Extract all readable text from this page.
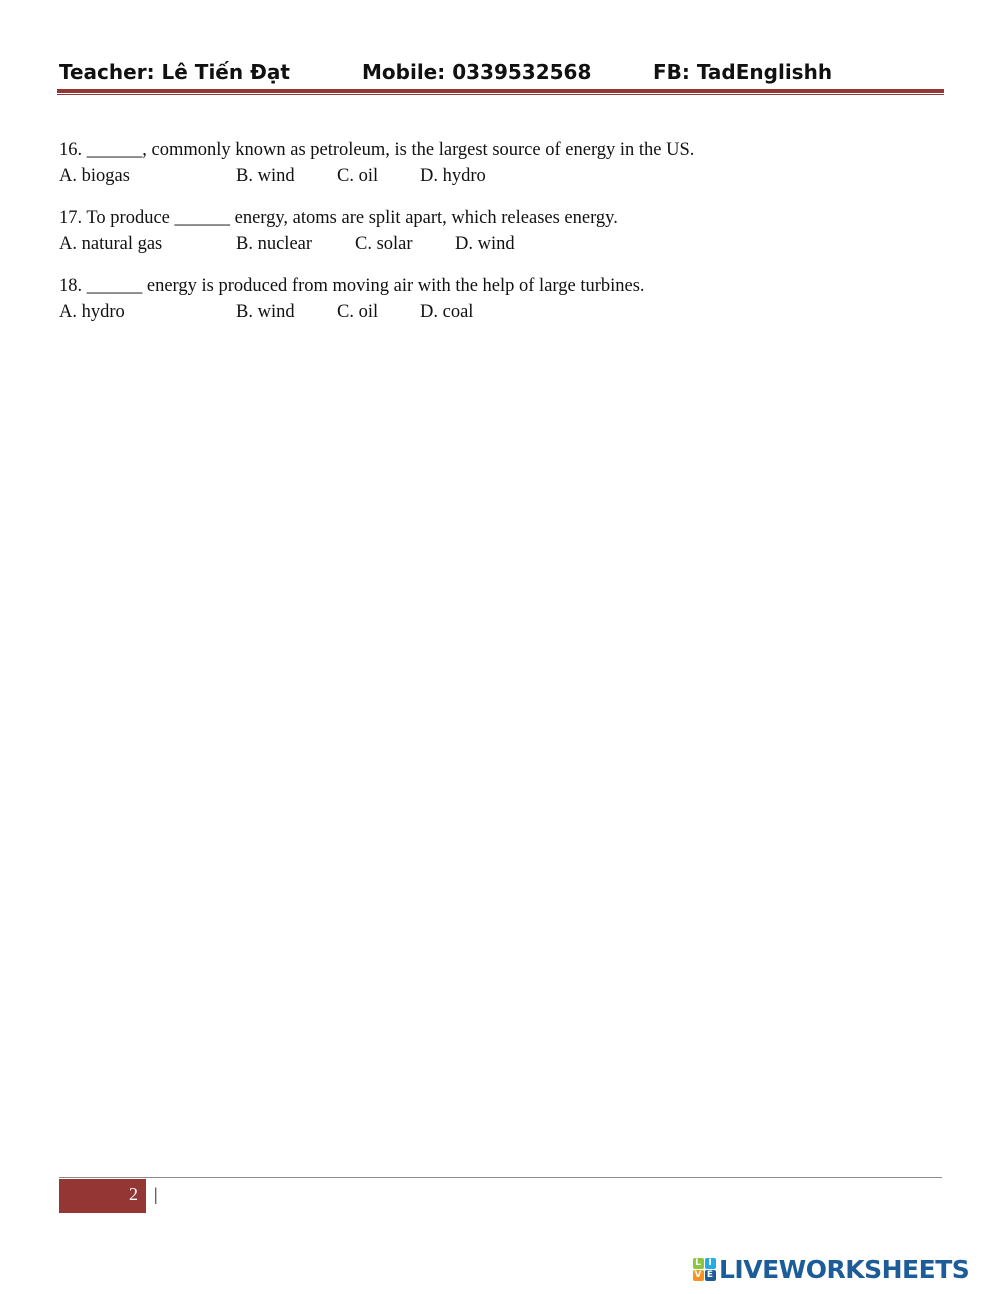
Teacher: Lê Tiến Đạt	Mobile: 0339532568	FB: TadEnglishh
16. ______, commonly known as petroleum, is the largest source of energy in the US.
A. biogas	B. wind C. oil D. hydro
17. To produce ______ energy, atoms are split apart, which releases energy.
A. natural gas	B. nuclear C. solar D. wind
18. ______ energy is produced from moving air with the help of large turbines.
A. hydro	B. wind C. oil D. coal
2 |
L I
V E LIVEWORKSHEETS
